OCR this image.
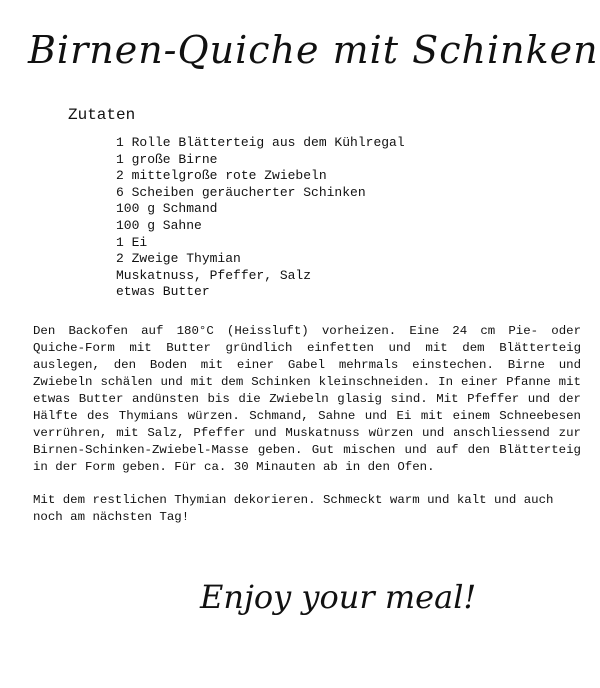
Birnen-Quiche mit Schinken
Zutaten
1 Rolle Blätterteig aus dem Kühlregal
1 große Birne
2 mittelgroße rote Zwiebeln
6 Scheiben geräucherter Schinken
100 g Schmand
100 g Sahne
1 Ei
2 Zweige Thymian
Muskatnuss, Pfeffer, Salz
etwas Butter

Den Backofen auf 180°C (Heissluft) vorheizen. Eine 24 cm Pie- oder Quiche-Form mit Butter gründlich einfetten und mit dem Blätterteig auslegen, den Boden mit einer Gabel mehrmals einstechen. Birne und Zwiebeln schälen und mit dem Schinken kleinschneiden. In einer Pfanne mit etwas Butter andünsten bis die Zwiebeln glasig sind. Mit Pfeffer und der Hälfte des Thymians würzen. Schmand, Sahne und Ei mit einem Schneebesen verrühren, mit Salz, Pfeffer und Muskatnuss würzen und anschliessend zur Birnen-Schinken-Zwiebel-Masse geben. Gut mischen und auf den Blätterteig in der Form geben. Für ca. 30 Minauten ab in den Ofen.

Mit dem restlichen Thymian dekorieren. Schmeckt warm und kalt und auch noch am nächsten Tag!

Enjoy your meal!
